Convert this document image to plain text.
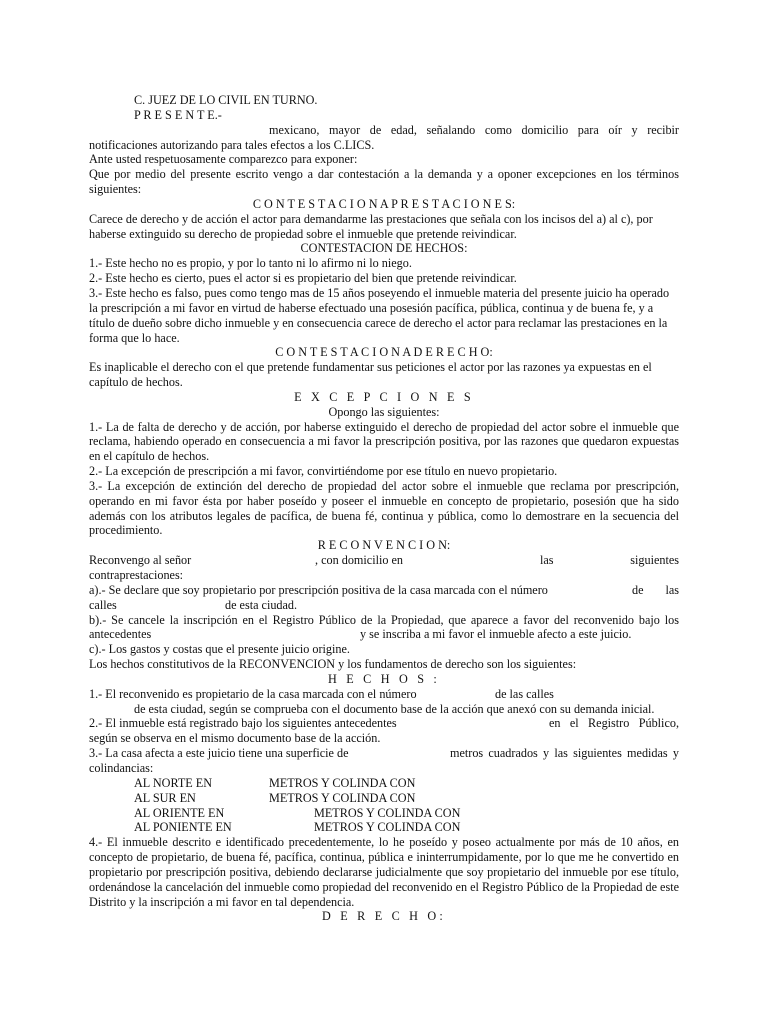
C. JUEZ DE LO CIVIL EN TURNO.

P R E S E N T E.-

mexicano, mayor de edad, señalando como domicilio para oír y recibir

notificaciones autorizando para tales efectos a los C.LICS.

Ante usted respetuosamente comparezco para exponer:

Que por medio del presente escrito vengo a dar contestación a la demanda y a oponer excepciones en los términos siguientes:

C O N T E S T A C I O N A P R E S T A C I O N E S:

Carece de derecho y de acción el actor para demandarme las prestaciones que señala con los incisos del a) al c), por haberse extinguido su derecho de propiedad sobre el inmueble que pretende reivindicar.

CONTESTACION DE HECHOS:

1.- Este hecho no es propio, y por lo tanto ni lo afirmo ni lo niego.

2.- Este hecho es cierto, pues el actor si es propietario del bien que pretende reivindicar.

3.- Este hecho es falso, pues como tengo mas de 15 años poseyendo el inmueble materia del presente juicio ha operado la prescripción a mi favor en virtud de haberse efectuado una posesión pacífica, pública, continua y de buena fe, y a título de dueño sobre dicho inmueble y en consecuencia carece de derecho el actor para reclamar las prestaciones en la forma que lo hace.

C O N T E S T A C I O N A D E R E C H O:

Es inaplicable el derecho con el que pretende fundamentar sus peticiones el actor por las razones ya expuestas en el capítulo de hechos.

E X C E P C I O N E S

Opongo las siguientes:

1.- La de falta de derecho y de acción, por haberse extinguido el derecho de propiedad del actor sobre el inmueble que reclama, habiendo operado en consecuencia a mi favor la prescripción positiva, por las razones que quedaron expuestas en el capítulo de hechos.

2.- La excepción de prescripción a mi favor, convirtiéndome por ese título en nuevo propietario.

3.- La excepción de extinción del derecho de propiedad del actor sobre el inmueble que reclama por prescripción, operando en mi favor ésta por haber poseído y poseer el inmueble en concepto de propietario, posesión que ha sido además con los atributos legales de pacífica, de buena fé, continua y pública, como lo demostrare en la secuencia del procedimiento.

R E C O N V E N C I O N:

Reconvengo al señor	, con domicilio en	las	siguientes

contraprestaciones:

a).- Se declare que soy propietario por prescripción positiva de la casa marcada con el número	de	las

calles	de esta ciudad.

b).- Se cancele la inscripción en el Registro Público de la Propiedad, que aparece a favor del reconvenido bajo los

antecedentes	y se inscriba a mi favor el inmueble afecto a este juicio.

c).- Los gastos y costas que el presente juicio origine.

Los hechos constitutivos de la RECONVENCION y los fundamentos de derecho son los siguientes:

H E C H O S :

1.- El reconvenido es propietario de la casa marcada con el número	de las calles

de esta ciudad, según se comprueba con el documento base de la acción que anexó con su demanda inicial.

2.- El inmueble está registrado bajo los siguientes antecedentes	en el Registro Público,

según se observa en el mismo documento base de la acción.

3.- La casa afecta a este juicio tiene una superficie de	metros cuadrados y las siguientes medidas y

colindancias:

AL NORTE EN	METROS Y COLINDA CON

AL SUR EN	METROS Y COLINDA CON

AL ORIENTE EN	METROS Y COLINDA CON

AL PONIENTE EN	METROS Y COLINDA CON

4.- El inmueble descrito e identificado precedentemente, lo he poseído y poseo actualmente por más de 10 años, en concepto de propietario, de buena fé, pacífica, continua, pública e ininterrumpidamente, por lo que me he convertido en propietario por prescripción positiva, debiendo declararse judicialmente que soy propietario del inmueble por ese título, ordenándose la cancelación del inmueble como propiedad del reconvenido en el Registro Público de la Propiedad de este Distrito y la inscripción a mi favor en tal dependencia.

D E R E C H O:
